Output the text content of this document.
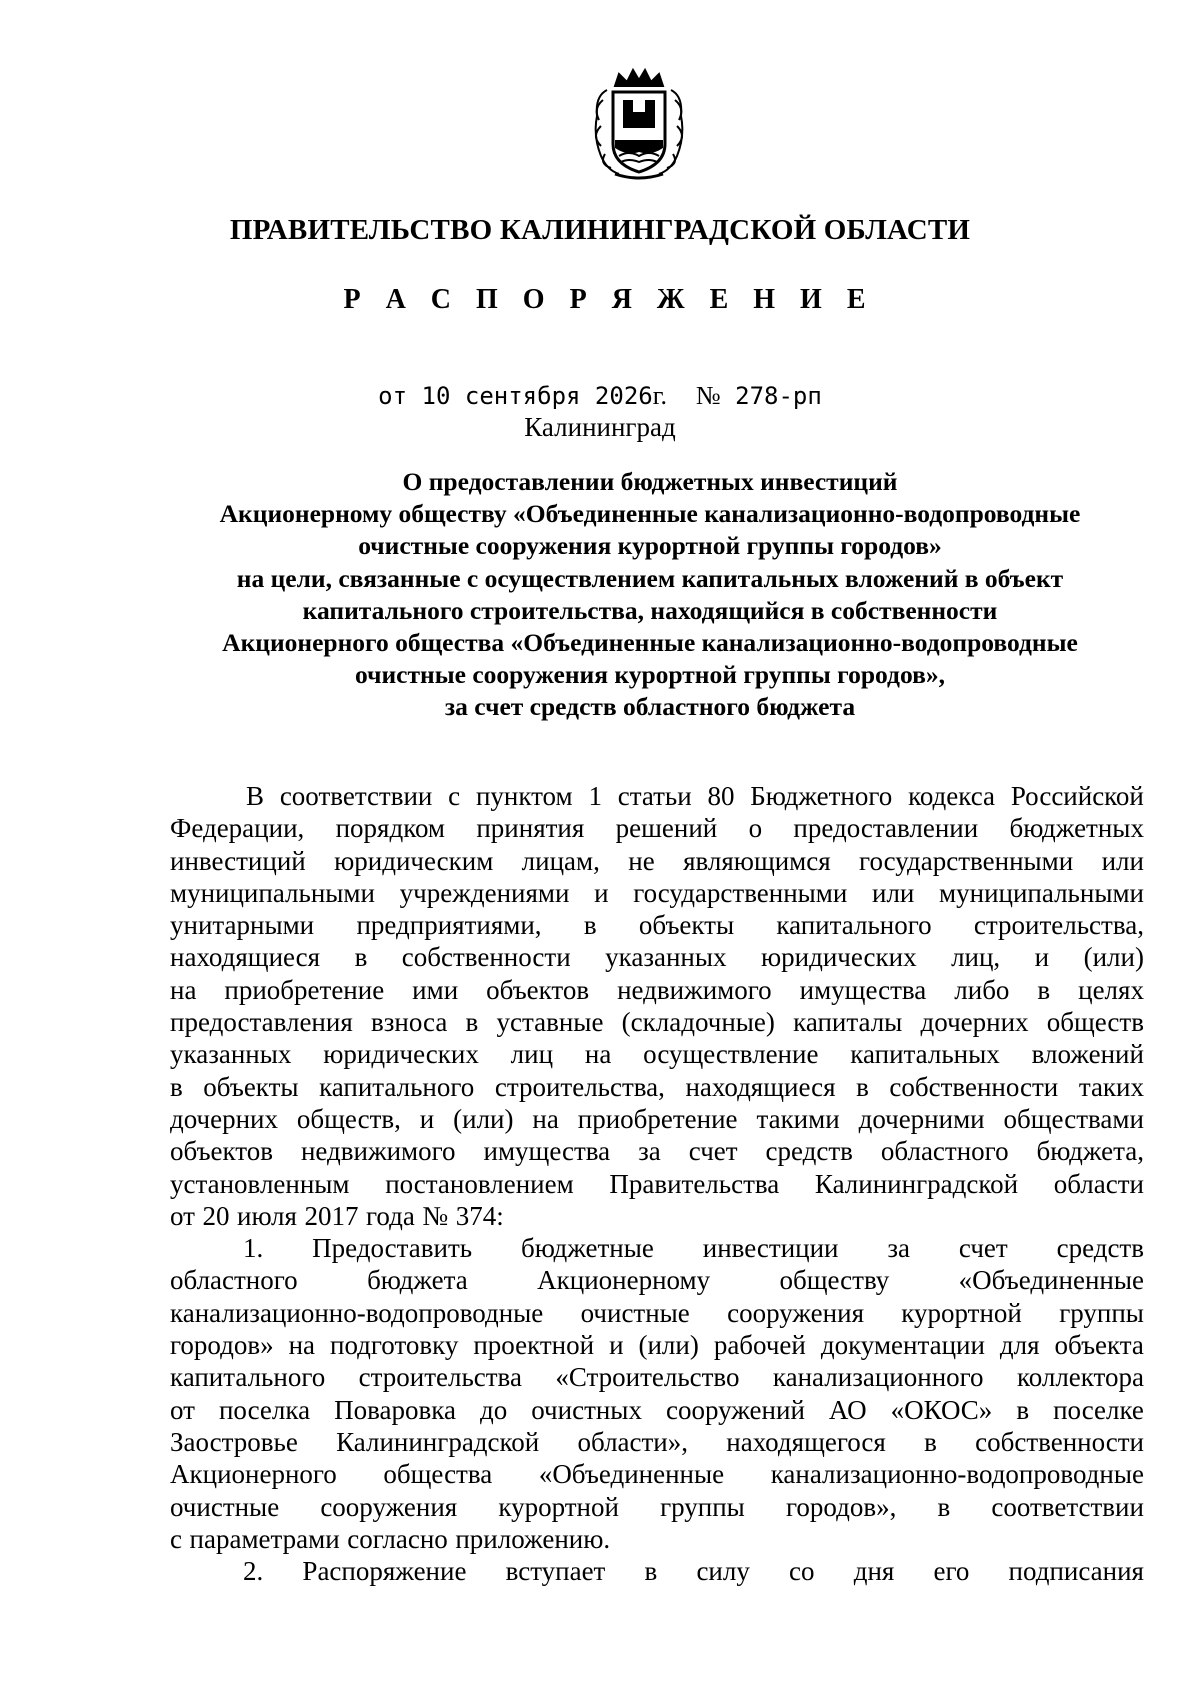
ПРАВИТЕЛЬСТВО КАЛИНИНГРАДСКОЙ ОБЛАСТИ
Р А С П О Р Я Ж Е Н И Е
от 10 сентября 2026г. № 278-рп
Калининград
О предоставлении бюджетных инвестиций
Акционерному обществу «Объединенные канализационно-водопроводные
очистные сооружения курортной группы городов»
на цели, связанные с осуществлением капитальных вложений в объект
капитального строительства, находящийся в собственности
Акционерного общества «Объединенные канализационно-водопроводные
очистные сооружения курортной группы городов»,
за счет средств областного бюджета
В соответствии с пунктом 1 статьи 80 Бюджетного кодекса Российской
Федерации, порядком принятия решений о предоставлении бюджетных
инвестиций юридическим лицам, не являющимся государственными или
муниципальными учреждениями и государственными или муниципальными
унитарными предприятиями, в объекты капитального строительства,
находящиеся в собственности указанных юридических лиц, и (или)
на приобретение ими объектов недвижимого имущества либо в целях
предоставления взноса в уставные (складочные) капиталы дочерних обществ
указанных юридических лиц на осуществление капитальных вложений
в объекты капитального строительства, находящиеся в собственности таких
дочерних обществ, и (или) на приобретение такими дочерними обществами
объектов недвижимого имущества за счет средств областного бюджета,
установленным постановлением Правительства Калининградской области
от 20 июля 2017 года № 374:
1. Предоставить бюджетные инвестиции за счет средств
областного	бюджета	Акционерному	обществу	«Объединенные
канализационно-водопроводные очистные сооружения курортной группы
городов» на подготовку проектной и (или) рабочей документации для объекта
капитального строительства «Строительство канализационного коллектора
от поселка Поваровка до очистных сооружений АО «ОКОС» в поселке
Заостровье Калининградской области», находящегося в собственности
Акционерного общества «Объединенные канализационно-водопроводные
очистные сооружения курортной группы городов», в соответствии
с параметрами согласно приложению.
2. Распоряжение вступает в силу со дня его подписания
